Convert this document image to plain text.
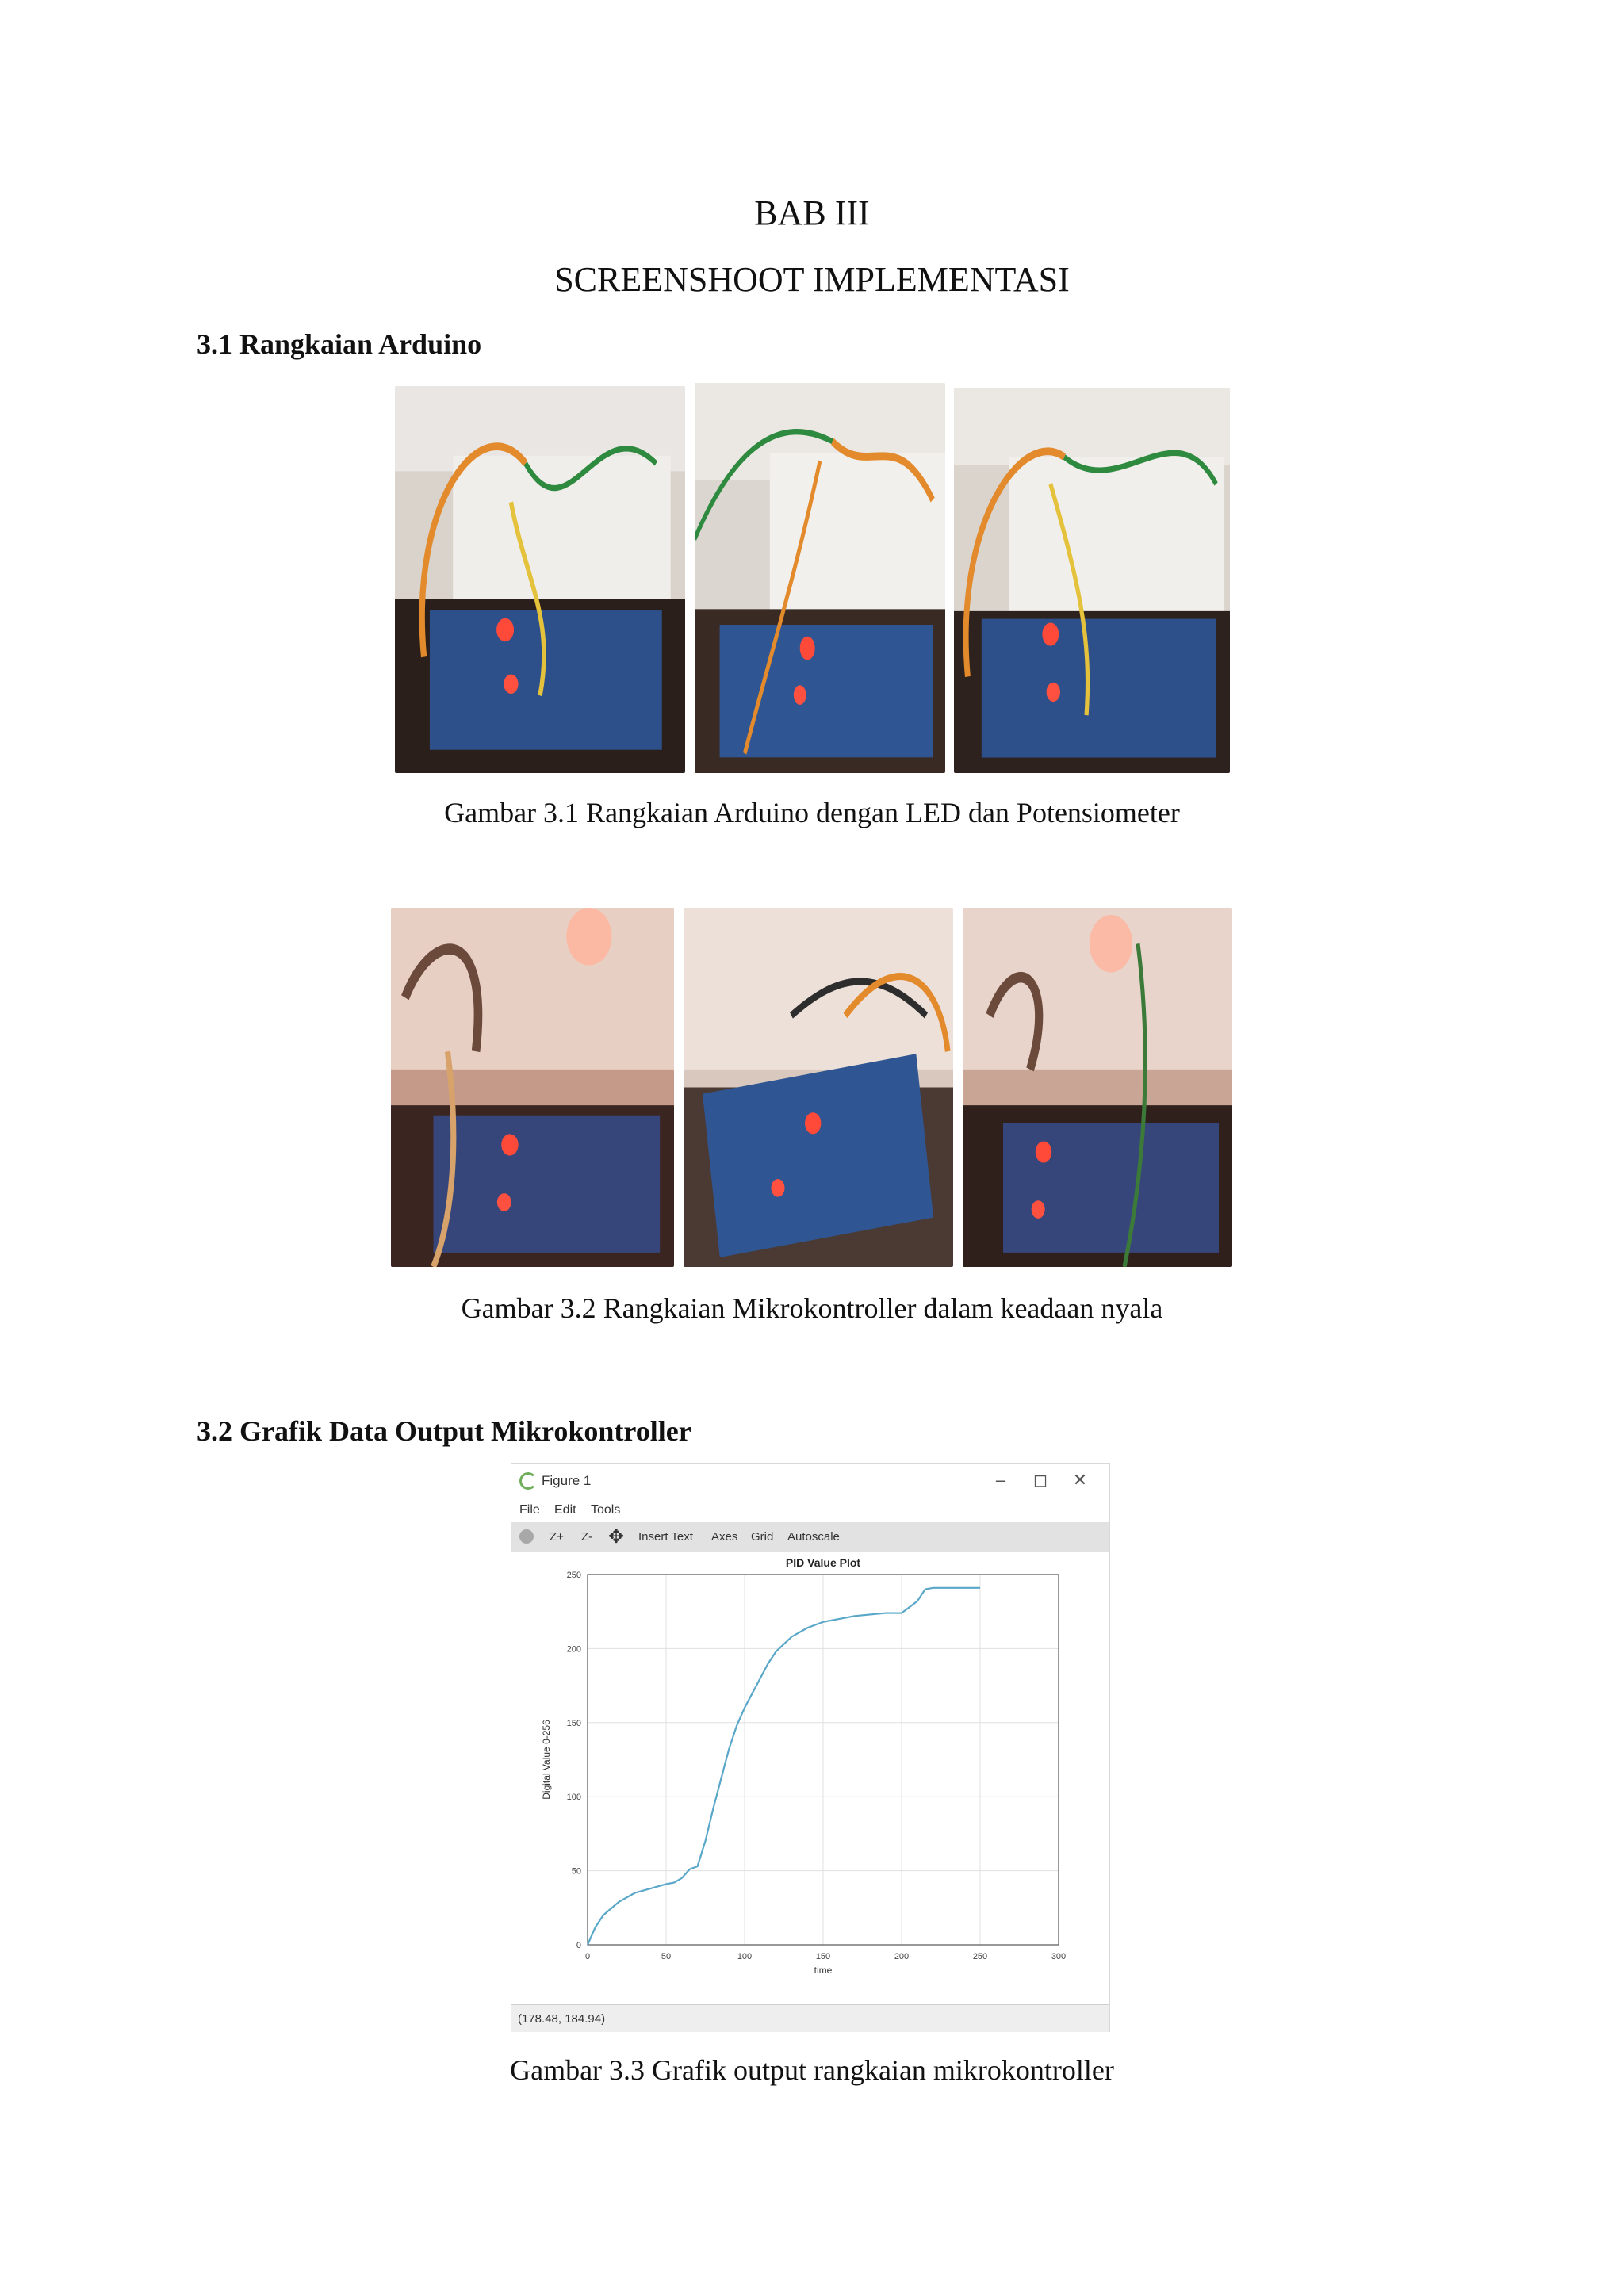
BAB III
SCREENSHOOT IMPLEMENTASI
3.1 Rangkaian Arduino
Gambar 3.1 Rangkaian Arduino dengan LED dan Potensiometer
Gambar 3.2 Rangkaian Mikrokontroller dalam keadaan nyala
3.2 Grafik Data Output Mikrokontroller
Figure 1	–	◻	✕
File Edit Tools
Z+ Z- ✥ Insert Text Axes Grid Autoscale
PID Value Plot
0	50	100	150	200	250	300
0
50
100
150
200
250
time
Digital Value 0-256
(178.48, 184.94)
Gambar 3.3 Grafik output rangkaian mikrokontroller
